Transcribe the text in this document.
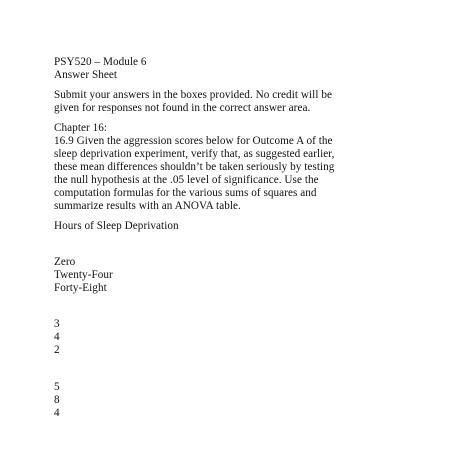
PSY520 – Module 6
Answer Sheet
Submit your answers in the boxes provided. No credit will be
given for responses not found in the correct answer area.
Chapter 16:
16.9 Given the aggression scores below for Outcome A of the
sleep deprivation experiment, verify that, as suggested earlier,
these mean differences shouldn’t be taken seriously by testing
the null hypothesis at the .05 level of significance. Use the
computation formulas for the various sums of squares and
summarize results with an ANOVA table.
Hours of Sleep Deprivation
Zero
Twenty-Four
Forty-Eight
3
4
2
5
8
4
